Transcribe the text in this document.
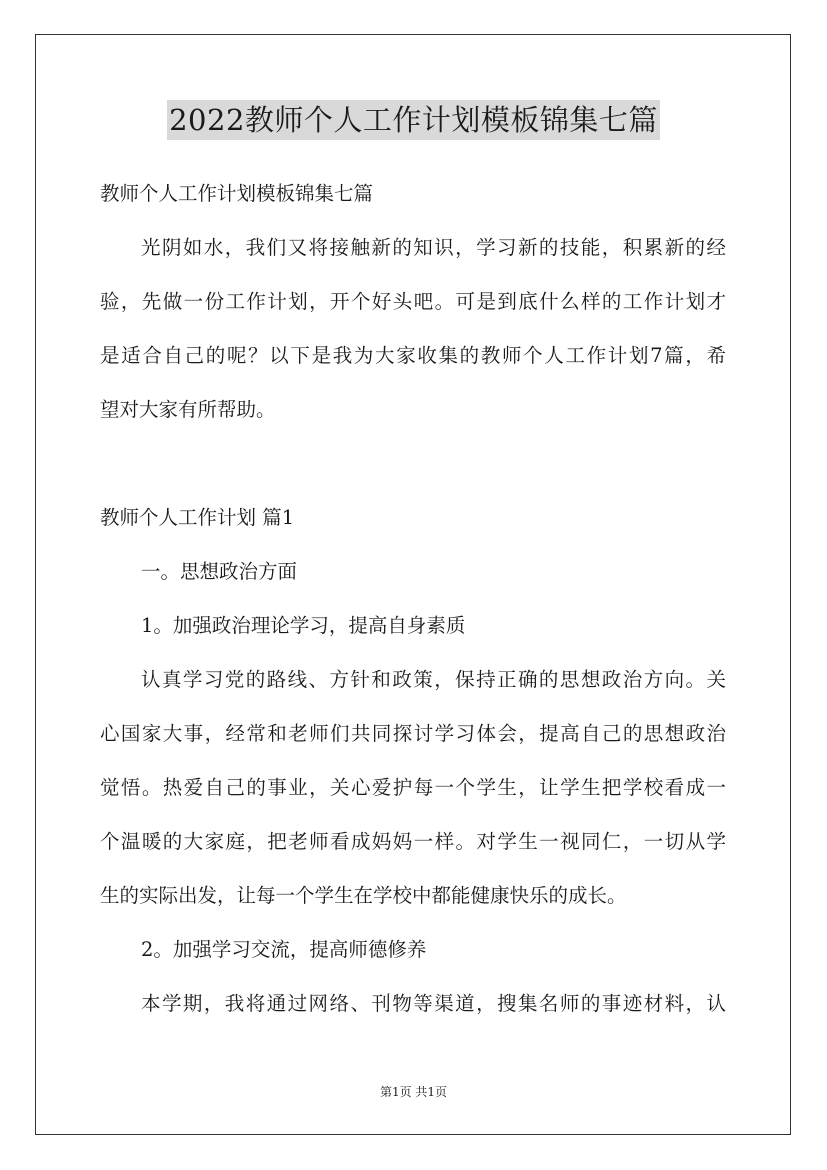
2022教师个人工作计划模板锦集七篇
教师个人工作计划模板锦集七篇
光阴如水，我们又将接触新的知识，学习新的技能，积累新的经
验，先做一份工作计划，开个好头吧。可是到底什么样的工作计划才
是适合自己的呢？以下是我为大家收集的教师个人工作计划7篇，希
望对大家有所帮助。
教师个人工作计划 篇1
一。思想政治方面
1。加强政治理论学习，提高自身素质
认真学习党的路线、方针和政策，保持正确的思想政治方向。关
心国家大事，经常和老师们共同探讨学习体会，提高自己的思想政治
觉悟。热爱自己的事业，关心爱护每一个学生，让学生把学校看成一
个温暖的大家庭，把老师看成妈妈一样。对学生一视同仁，一切从学
生的实际出发，让每一个学生在学校中都能健康快乐的成长。
2。加强学习交流，提高师德修养
本学期，我将通过网络、刊物等渠道，搜集名师的事迹材料，认
第1页 共1页
